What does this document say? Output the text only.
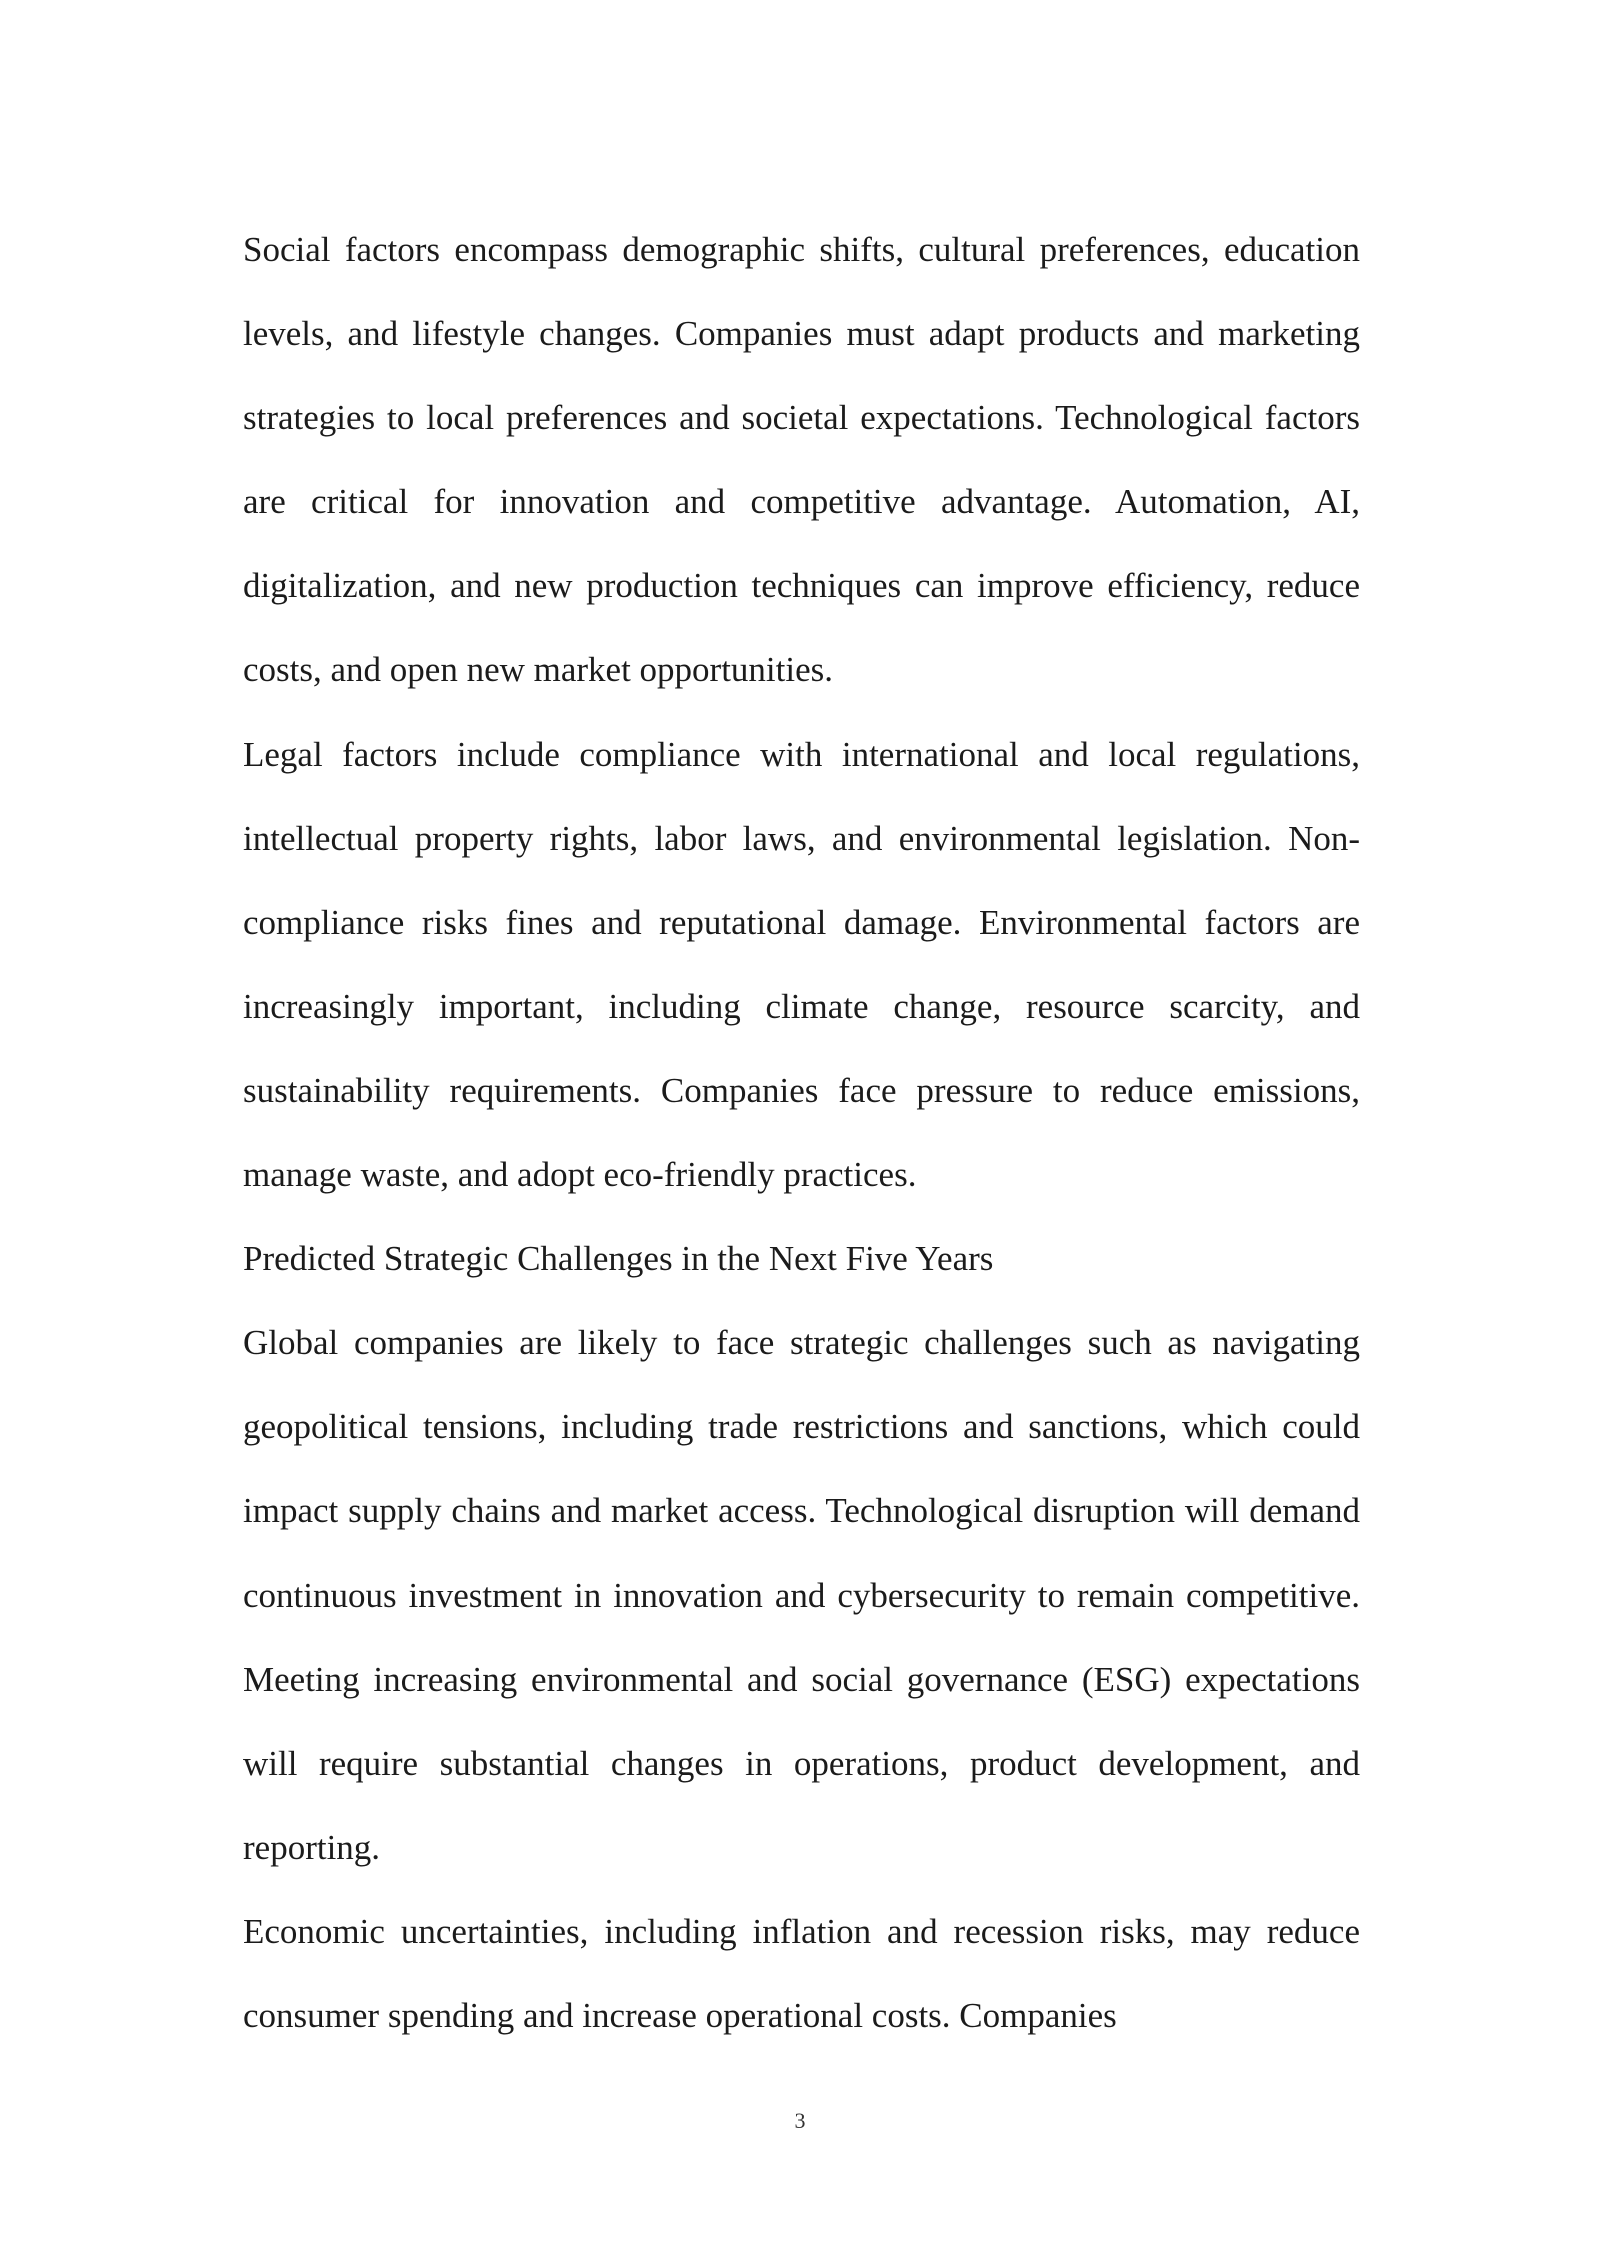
Social factors encompass demographic shifts, cultural preferences, education levels, and lifestyle changes. Companies must adapt products and marketing strategies to local preferences and societal expectations. Technological factors are critical for innovation and competitive advantage. Automation, AI, digitalization, and new production techniques can improve efficiency, reduce costs, and open new market opportunities.

Legal factors include compliance with international and local regulations, intellectual property rights, labor laws, and environmental legislation. Non-compliance risks fines and reputational damage. Environmental factors are increasingly important, including climate change, resource scarcity, and sustainability requirements. Companies face pressure to reduce emissions, manage waste, and adopt eco-friendly practices.

Predicted Strategic Challenges in the Next Five Years

Global companies are likely to face strategic challenges such as navigating geopolitical tensions, including trade restrictions and sanctions, which could impact supply chains and market access. Technological disruption will demand continuous investment in innovation and cybersecurity to remain competitive. Meeting increasing environmental and social governance (ESG) expectations will require substantial changes in operations, product development, and reporting.

Economic uncertainties, including inflation and recession risks, may reduce consumer spending and increase operational costs. Companies

3
